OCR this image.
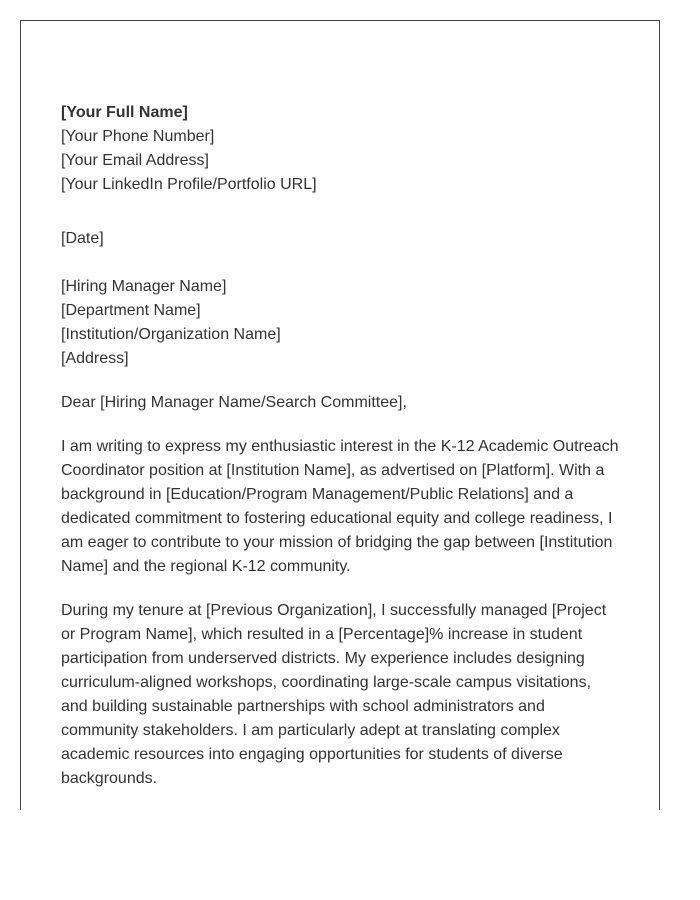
[Your Full Name]
[Your Phone Number]
[Your Email Address]
[Your LinkedIn Profile/Portfolio URL]
[Date]
[Hiring Manager Name]
[Department Name]
[Institution/Organization Name]
[Address]
Dear [Hiring Manager Name/Search Committee],
I am writing to express my enthusiastic interest in the K-12 Academic Outreach
Coordinator position at [Institution Name], as advertised on [Platform]. With a
background in [Education/Program Management/Public Relations] and a
dedicated commitment to fostering educational equity and college readiness, I
am eager to contribute to your mission of bridging the gap between [Institution
Name] and the regional K-12 community.
During my tenure at [Previous Organization], I successfully managed [Project
or Program Name], which resulted in a [Percentage]% increase in student
participation from underserved districts. My experience includes designing
curriculum-aligned workshops, coordinating large-scale campus visitations,
and building sustainable partnerships with school administrators and
community stakeholders. I am particularly adept at translating complex
academic resources into engaging opportunities for students of diverse
backgrounds.
